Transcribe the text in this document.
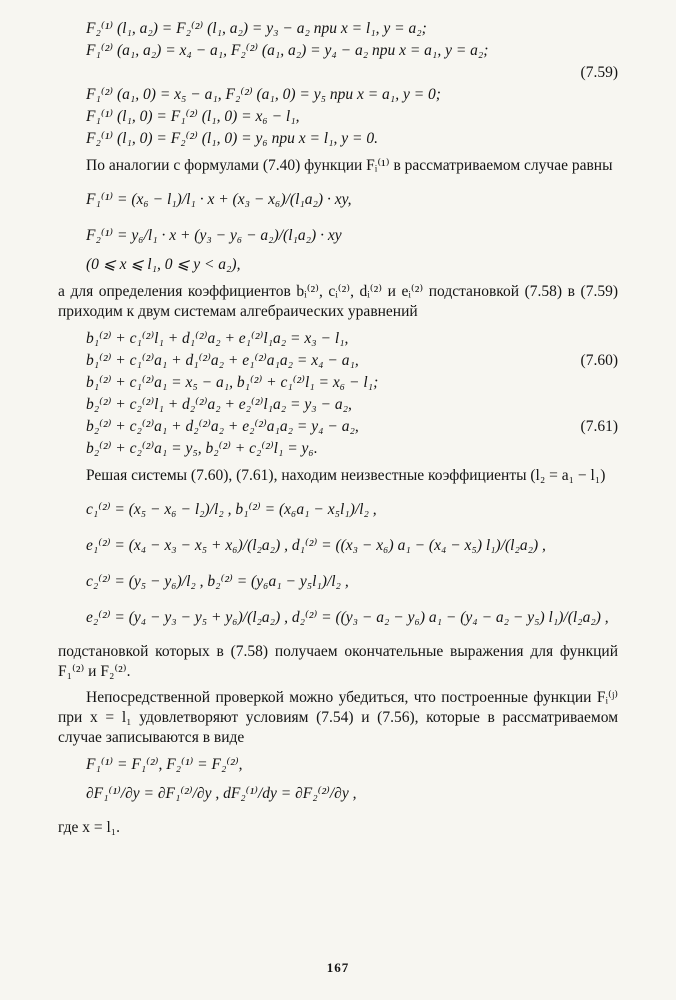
F₂⁽¹⁾ (l₁, a₂) = F₂⁽²⁾ (l₁, a₂) = y₃ − a₂ при x = l₁, y = a₂;
F₁⁽²⁾ (a₁, a₂) = x₄ − a₁, F₂⁽²⁾ (a₁, a₂) = y₄ − a₂ при x = a₁, y = a₂;
(7.59)
F₁⁽²⁾ (a₁, 0) = x₅ − a₁, F₂⁽²⁾ (a₁, 0) = y₅ при x = a₁, y = 0;
F₁⁽¹⁾ (l₁, 0) = F₁⁽²⁾ (l₁, 0) = x₆ − l₁,
F₂⁽¹⁾ (l₁, 0) = F₂⁽²⁾ (l₁, 0) = y₆ при x = l₁, y = 0.

По аналогии с формулами (7.40) функции Fᵢ⁽¹⁾ в рассматриваемом случае равны

F₁⁽¹⁾ = (x₆ − l₁)/l₁ · x + (x₃ − x₆)/(l₁a₂) · xy,
F₂⁽¹⁾ = y₆/l₁ · x + (y₃ − y₆ − a₂)/(l₁a₂) · xy
(0 ⩽ x ⩽ l₁, 0 ⩽ y < a₂),

а для определения коэффициентов bᵢ⁽²⁾, cᵢ⁽²⁾, dᵢ⁽²⁾ и eᵢ⁽²⁾ подстановкой (7.58) в (7.59) приходим к двум системам алгебраических уравнений

b₁⁽²⁾ + c₁⁽²⁾l₁ + d₁⁽²⁾a₂ + e₁⁽²⁾l₁a₂ = x₃ − l₁,
b₁⁽²⁾ + c₁⁽²⁾a₁ + d₁⁽²⁾a₂ + e₁⁽²⁾a₁a₂ = x₄ − a₁,	(7.60)
b₁⁽²⁾ + c₁⁽²⁾a₁ = x₅ − a₁, b₁⁽²⁾ + c₁⁽²⁾l₁ = x₆ − l₁;
b₂⁽²⁾ + c₂⁽²⁾l₁ + d₂⁽²⁾a₂ + e₂⁽²⁾l₁a₂ = y₃ − a₂,
b₂⁽²⁾ + c₂⁽²⁾a₁ + d₂⁽²⁾a₂ + e₂⁽²⁾a₁a₂ = y₄ − a₂,	(7.61)
b₂⁽²⁾ + c₂⁽²⁾a₁ = y₅, b₂⁽²⁾ + c₂⁽²⁾l₁ = y₆.

Решая системы (7.60), (7.61), находим неизвестные коэффициенты (l₂ = a₁ − l₁)

c₁⁽²⁾ = (x₅ − x₆ − l₂)/l₂ , b₁⁽²⁾ = (x₆a₁ − x₅l₁)/l₂ ,
e₁⁽²⁾ = (x₄ − x₃ − x₅ + x₆)/(l₂a₂) , d₁⁽²⁾ = ((x₃ − x₆) a₁ − (x₄ − x₅) l₁)/(l₂a₂) ,
c₂⁽²⁾ = (y₅ − y₆)/l₂ , b₂⁽²⁾ = (y₆a₁ − y₅l₁)/l₂ ,
e₂⁽²⁾ = (y₄ − y₃ − y₅ + y₆)/(l₂a₂) , d₂⁽²⁾ = ((y₃ − a₂ − y₆) a₁ − (y₄ − a₂ − y₅) l₁)/(l₂a₂) ,

подстановкой которых в (7.58) получаем окончательные выражения для функций F₁⁽²⁾ и F₂⁽²⁾.

Непосредственной проверкой можно убедиться, что построенные функции Fᵢ⁽ʲ⁾ при x = l₁ удовлетворяют условиям (7.54) и (7.56), которые в рассматриваемом случае записываются в виде

F₁⁽¹⁾ = F₁⁽²⁾, F₂⁽¹⁾ = F₂⁽²⁾,
∂F₁⁽¹⁾/∂y = ∂F₁⁽²⁾/∂y , dF₂⁽¹⁾/dy = ∂F₂⁽²⁾/∂y ,

где x = l₁.

167
